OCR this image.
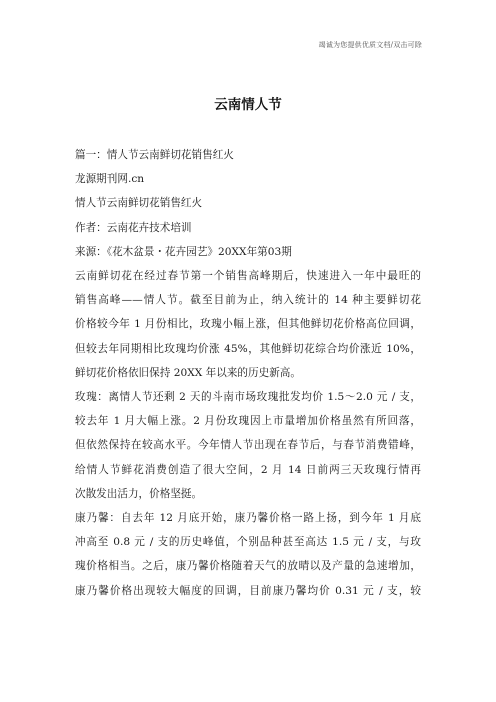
竭诚为您提供优质文档/双击可除
云南情人节

篇一：情人节云南鲜切花销售红火

龙源期刊网.cn

情人节云南鲜切花销售红火

作者：云南花卉技术培训

来源：《花木盆景・花卉园艺》20XX年第03期

云南鲜切花在经过春节第一个销售高峰期后，快速进入一年中最旺的

销售高峰——情人节。截至目前为止，纳入统计的 14 种主要鲜切花

价格较今年 1 月份相比，玫瑰小幅上涨，但其他鲜切花价格高位回调，

但较去年同期相比玫瑰均价涨 45%，其他鲜切花综合均价涨近 10%，

鲜切花价格依旧保持 20XX 年以来的历史新高。

玫瑰：离情人节还剩 2 天的斗南市场玫瑰批发均价 1.5～2.0 元 / 支，

较去年 1 月大幅上涨。2 月份玫瑰因上市量增加价格虽然有所回落，

但依然保持在较高水平。今年情人节出现在春节后，与春节消费错峰，

给情人节鲜花消费创造了很大空间，2 月 14 日前两三天玫瑰行情再

次散发出活力，价格坚挺。

康乃馨：自去年 12 月底开始，康乃馨价格一路上扬，到今年 1 月底

冲高至 0.8 元 / 支的历史峰值，个别品种甚至高达 1.5 元 / 支，与玫

瑰价格相当。之后，康乃馨价格随着天气的放晴以及产量的急速增加，

康乃馨价格出现较大幅度的回调，目前康乃馨均价 0.31 元 / 支，较
